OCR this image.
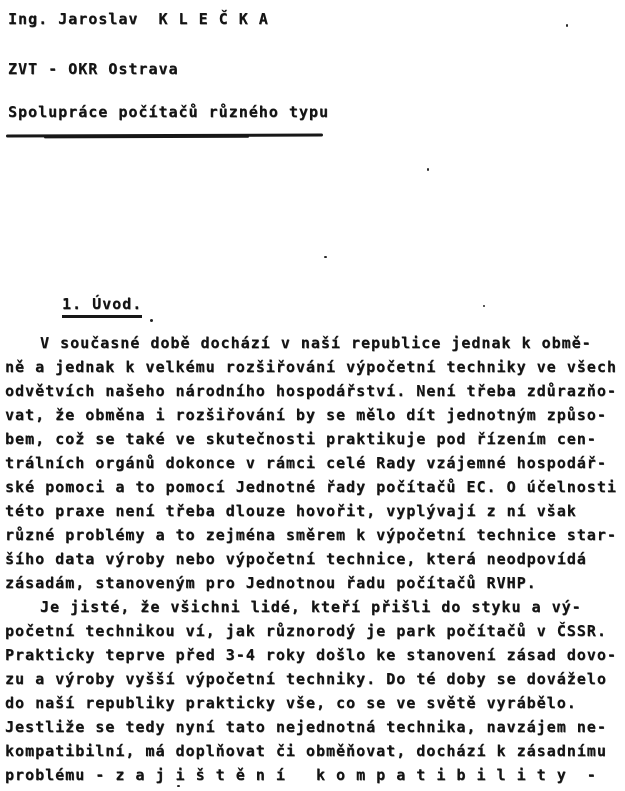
Ing. Jaroslav  K L E Č K A
ZVT - OKR Ostrava
Spolupráce počítačů různého typu
1. Úvod.
V současné době dochází v naší republice jednak k obmě-
ně a jednak k velkému rozšiřování výpočetní techniky ve všech
odvětvích našeho národního hospodářství. Není třeba zdůrazňo-
vat, že obměna i rozšiřování by se mělo dít jednotným způso-
bem, což se také ve skutečnosti praktikuje pod řízením cen-
trálních orgánů dokonce v rámci celé Rady vzájemné hospodář-
ské pomoci a to pomocí Jednotné řady počítačů EC. O účelnosti
této praxe není třeba dlouze hovořit, vyplývají z ní však
různé problémy a to zejména směrem k výpočetní technice star-
šího data výroby nebo výpočetní technice, která neodpovídá
zásadám, stanoveným pro Jednotnou řadu počítačů RVHP.
Je jisté, že všichni lidé, kteří přišli do styku a vý-
početní technikou ví, jak různorodý je park počítačů v ČSSR.
Prakticky teprve před 3-4 roky došlo ke stanovení zásad dovo-
zu a výroby vyšší výpočetní techniky. Do té doby se dováželo
do naší republiky prakticky vše, co se ve světě vyrábělo.
Jestliže se tedy nyní tato nejednotná technika, navzájem ne-
kompatibilní, má doplňovat či obměňovat, dochází k zásadnímu
problému - z a j i š t ě n í   k o m p a t i b i l i t y  -
